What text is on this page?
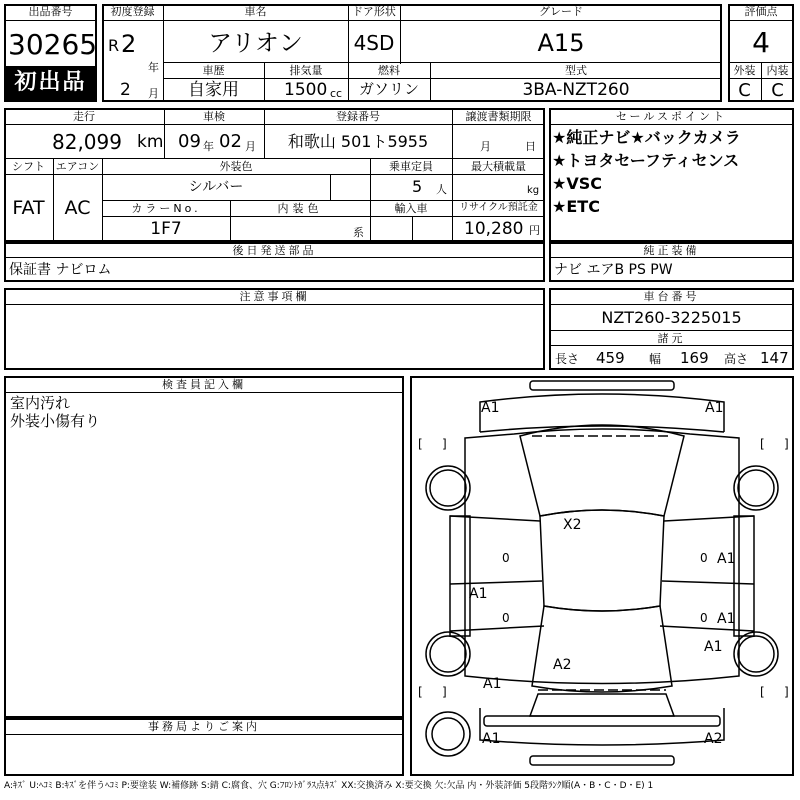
出品番号
30265
初出品
初度登録
R 2
年
2 月
車名
アリオン
ドア形状
4SD
グレード
A15
車歴
自家用
排気量
1500 cc
燃料
ガソリン
型式
3BA-NZT260
評価点
4
外装	内装
C	C
走行
82,099 km
車検
09 年 02 月
登録番号
和歌山 501ト5955
譲渡書類期限
月	日
シフト
FAT
エアコン
AC
外装色
シルバー
乗車定員
5 人
最大積載量
kg
カラーNo.
1F7
内装色
系
輸入車	リサイクル預託金
10,280 円
セールスポイント
★純正ナビ★バックカメラ
★トヨタセーフティセンス
★VSC
★ETC
後日発送部品
保証書 ナビロム
純正装備
ナビ エアB PS PW
注意事項欄	車台番号
NZT260-3225015
諸元
長さ 459 幅 169 高さ 147
検査員記入欄
室内汚れ
外装小傷有り
事務局よりご案内
[ ]	[ ]
[ ]	[ ]
0	0
0	0
A1	A1
X2
A1
A1
A1
A1
A2
A1
A1	A2
A:ｷｽﾞ U:ﾍｺﾐ B:ｷｽﾞを伴うﾍｺﾐ P:要塗装 W:補修跡 S:錆 C:腐食、穴 G:ﾌﾛﾝﾄｶﾞﾗｽ点ｷｽﾞ XX:交換済み X:要交換 欠:欠品 内・外装評価 5段階ﾗﾝｸ順(A・B・C・D・E) 1
